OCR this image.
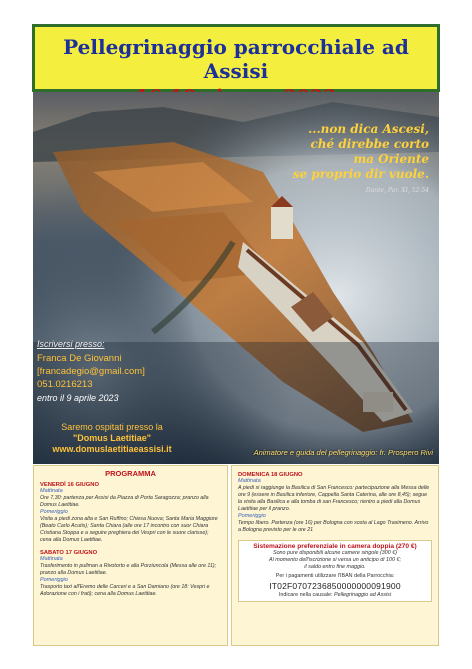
Pellegrinaggio parrocchiale ad Assisi
...non dica Ascesi,
ché direbbe corto
ma Oriente
se proprio dir vuole.
Dante, Par. XI, 52-54
Iscriversi presso:
Franca De Giovanni
[francadegio@gmail.com]
051.0216213
entro il 9 aprile 2023
Saremo ospitati presso la
"Domus Laetitiae"
www.domuslaetitiaeassisi.it	Animatore e guida del pellegrinaggio: fr. Prospero Rivi
PROGRAMMA
VENERDÌ 16 GIUGNO
Mattinata
Ore 7,30: partenza per Assisi da Piazza di Porta Saragozza; pranzo alla Domus Laetitiae.
Pomeriggio
Visita a piedi zona alta e San Ruffino; Chiesa Nuova; Santa Maria Maggiore (Beato Carlo Acutis); Santa Chiara (alle ore 17 incontro con suor Chiara Cristiana Stoppa e a seguire preghiera dei Vespri con le suore clarisse); cena alla Domus Laetitiae.
SABATO 17 GIUGNO
Mattinata
Trasferimento in pullman a Rivotorto e alla Porziuncola (Messa alle ore 11); pranzo alla Domus Laetitiae.
Pomeriggio
Trasporto taxi all'Eremo delle Carceri e a San Damiano (ore 18: Vespri e Adorazione con i frati); cena alla Domus Laetitiae.
DOMENICA 18 GIUGNO
Mattinata
A piedi si raggiunge la Basilica di San Francesco: partecipazione alla Messa delle ore 9 (essere in Basilica inferiore, Cappella Santa Caterina, alle ore 8,45); segue la visita alla Basilica e alla tomba di san Francesco; rientro a piedi alla Domus Laetitiae per il pranzo.
Pomeriggio
Tempo libero. Partenza (ore 16) per Bologna con sosta al Lago Trasimeno. Arrivo a Bologna previsto per le ore 21
Sistemazione preferenziale in camera doppia (270 €)
Sono pure disponibili alcune camere singole (300 €)
Al momento dell'iscrizione si versa un anticipo di 100 €;
il saldo entro fine maggio.
Per i pagamenti utilizzare l'IBAN della Parrocchia:
IT02F0707236850000000091900
Indicare nella causale: Pellegrinaggio ad Assisi
